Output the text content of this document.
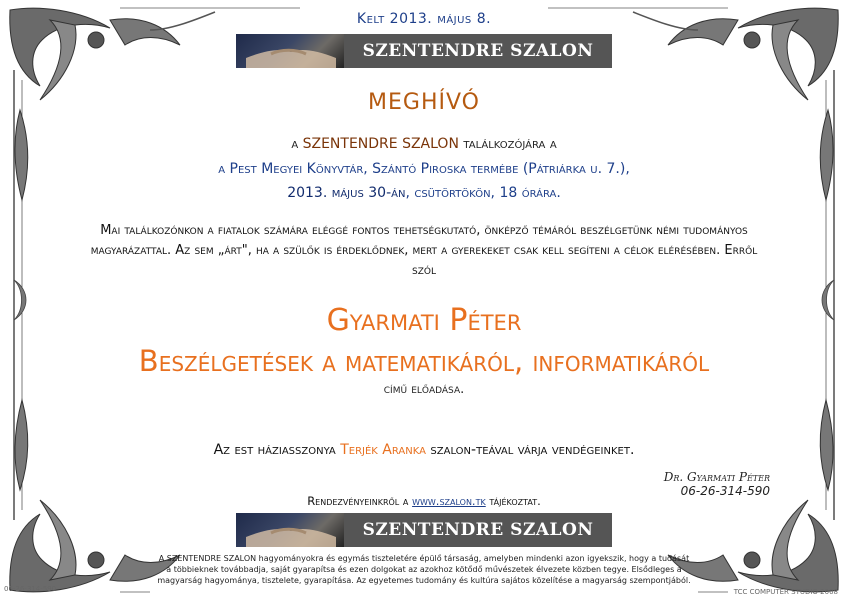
Kelt 2013. május 8.
SZENTENDRE SZALON
MEGHÍVÓ
a SZENTENDRE SZALON találkozójára a
a Pest Megyei Könyvtár, Szántó Piroska termébe (Pátriárka u. 7.),
2013. május 30-án, csütörtökön, 18 órára.
Mai találkozónkon a fiatalok számára eléggé fontos tehetségkutató, önképző témáról beszélgetünk némi tudományos magyarázattal. Az sem „árt", ha a szülők is érdeklődnek, mert a gyerekeket csak kell segíteni a célok elérésében. Erről szól
Gyarmati Péter
Beszélgetések a matematikáról, informatikáról
című előadása.
Az est háziasszonya Terjék Aranka szalon-teával várja vendégeinket.
Dr. Gyarmati Péter
06-26-314-590
Rendezvényeinkről a www.szalon.tk tájékoztat.
SZENTENDRE SZALON
A SZENTENDRE SZALON hagyományokra és egymás tiszteletére épülő társaság, amelyben mindenki azon igyekszik, hogy a tudását a többieknek továbbadja, saját gyarapítsa és ezen dolgokat az azokhoz kötődő művészetek élvezete közben tegye. Elsődleges a magyarság hagyománya, tisztelete, gyarapítása. Az egyetemes tudomány és kultúra sajátos közelítése a magyarság szempontjából.
06-26-314-590	TCC COMPUTER STUDIO 2008
